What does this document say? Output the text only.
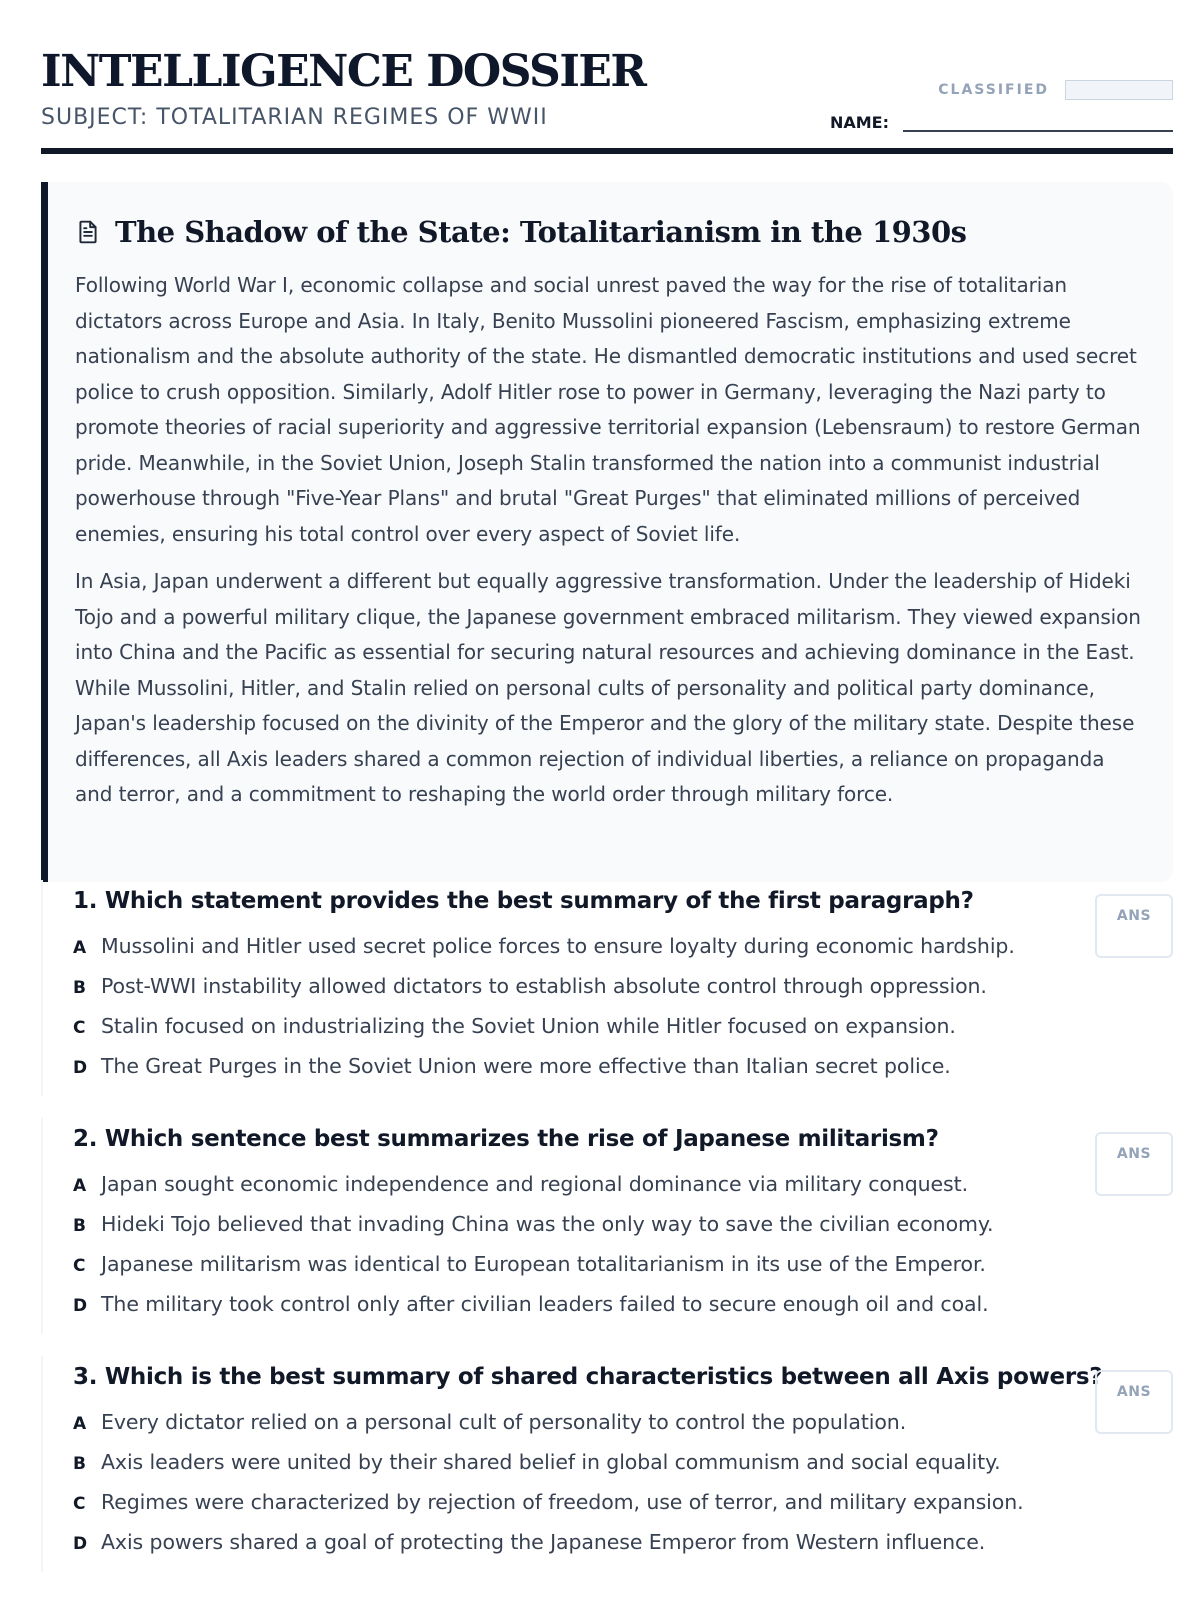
INTELLIGENCE DOSSIER
SUBJECT: TOTALITARIAN REGIMES OF WWII
CLASSIFIED
NAME:
The Shadow of the State: Totalitarianism in the 1930s

Following World War I, economic collapse and social unrest paved the way for the rise of totalitarian dictators across Europe and Asia. In Italy, Benito Mussolini pioneered Fascism, emphasizing extreme nationalism and the absolute authority of the state. He dismantled democratic institutions and used secret police to crush opposition. Similarly, Adolf Hitler rose to power in Germany, leveraging the Nazi party to promote theories of racial superiority and aggressive territorial expansion (Lebensraum) to restore German pride. Meanwhile, in the Soviet Union, Joseph Stalin transformed the nation into a communist industrial powerhouse through "Five-Year Plans" and brutal "Great Purges" that eliminated millions of perceived enemies, ensuring his total control over every aspect of Soviet life.

In Asia, Japan underwent a different but equally aggressive transformation. Under the leadership of Hideki Tojo and a powerful military clique, the Japanese government embraced militarism. They viewed expansion into China and the Pacific as essential for securing natural resources and achieving dominance in the East. While Mussolini, Hitler, and Stalin relied on personal cults of personality and political party dominance, Japan's leadership focused on the divinity of the Emperor and the glory of the military state. Despite these differences, all Axis leaders shared a common rejection of individual liberties, a reliance on propaganda and terror, and a commitment to reshaping the world order through military force.

1. Which statement provides the best summary of the first paragraph?
ANS
A Mussolini and Hitler used secret police forces to ensure loyalty during economic hardship.
B Post-WWI instability allowed dictators to establish absolute control through oppression.
C Stalin focused on industrializing the Soviet Union while Hitler focused on expansion.
D The Great Purges in the Soviet Union were more effective than Italian secret police.
2. Which sentence best summarizes the rise of Japanese militarism?
ANS
A Japan sought economic independence and regional dominance via military conquest.
B Hideki Tojo believed that invading China was the only way to save the civilian economy.
C Japanese militarism was identical to European totalitarianism in its use of the Emperor.
D The military took control only after civilian leaders failed to secure enough oil and coal.
3. Which is the best summary of shared characteristics between all Axis powers?
ANS
A Every dictator relied on a personal cult of personality to control the population.
B Axis leaders were united by their shared belief in global communism and social equality.
C Regimes were characterized by rejection of freedom, use of terror, and military expansion.
D Axis powers shared a goal of protecting the Japanese Emperor from Western influence.
